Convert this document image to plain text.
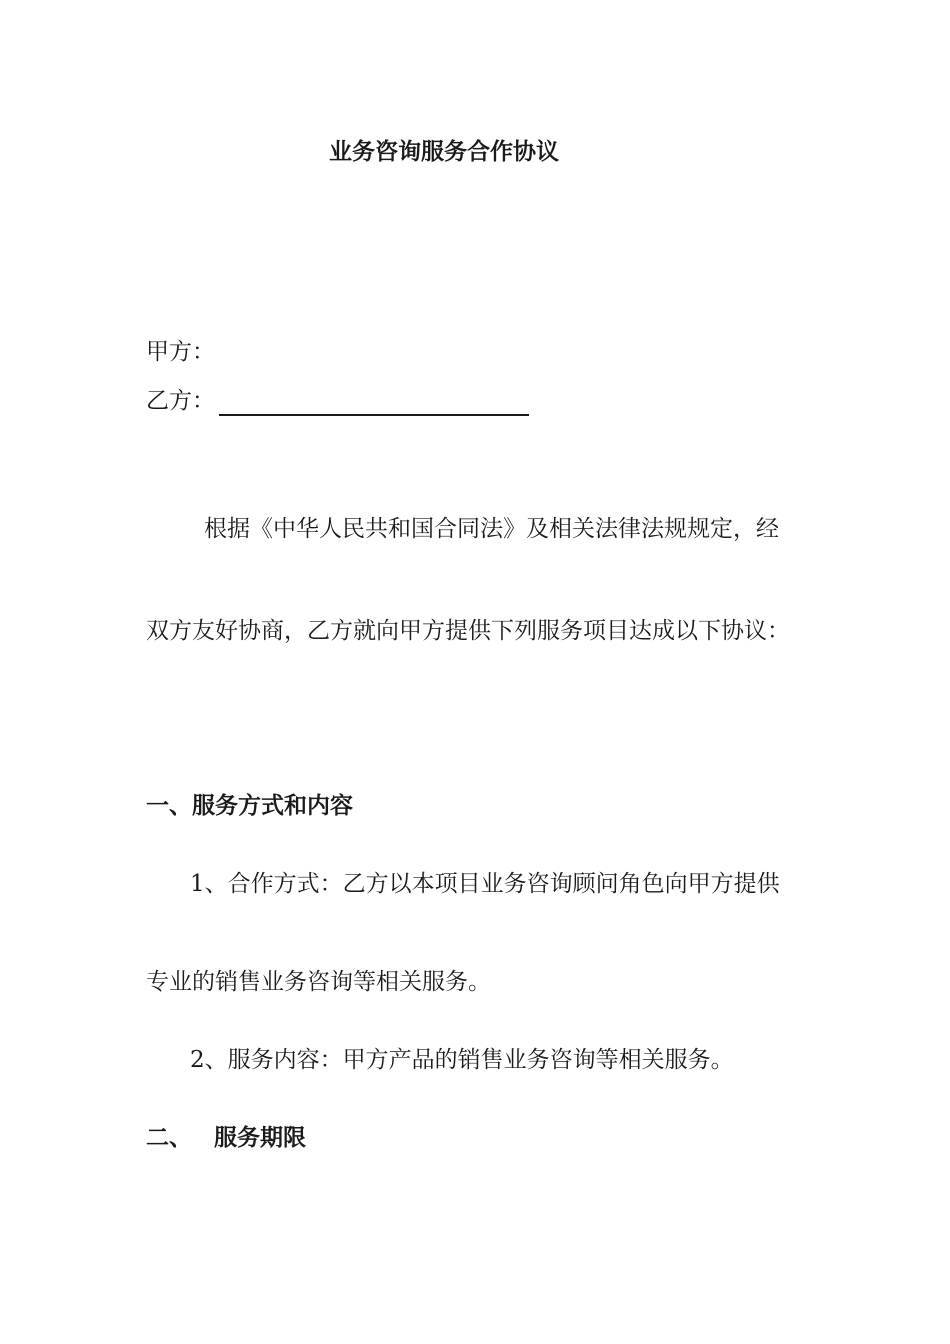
业务咨询服务合作协议
甲方：
乙方：
根据《中华人民共和国合同法》及相关法律法规规定，经
双方友好协商，乙方就向甲方提供下列服务项目达成以下协议：
一、服务方式和内容
1、合作方式：乙方以本项目业务咨询顾问角色向甲方提供
专业的销售业务咨询等相关服务。
2、服务内容：甲方产品的销售业务咨询等相关服务。
二、 服务期限
